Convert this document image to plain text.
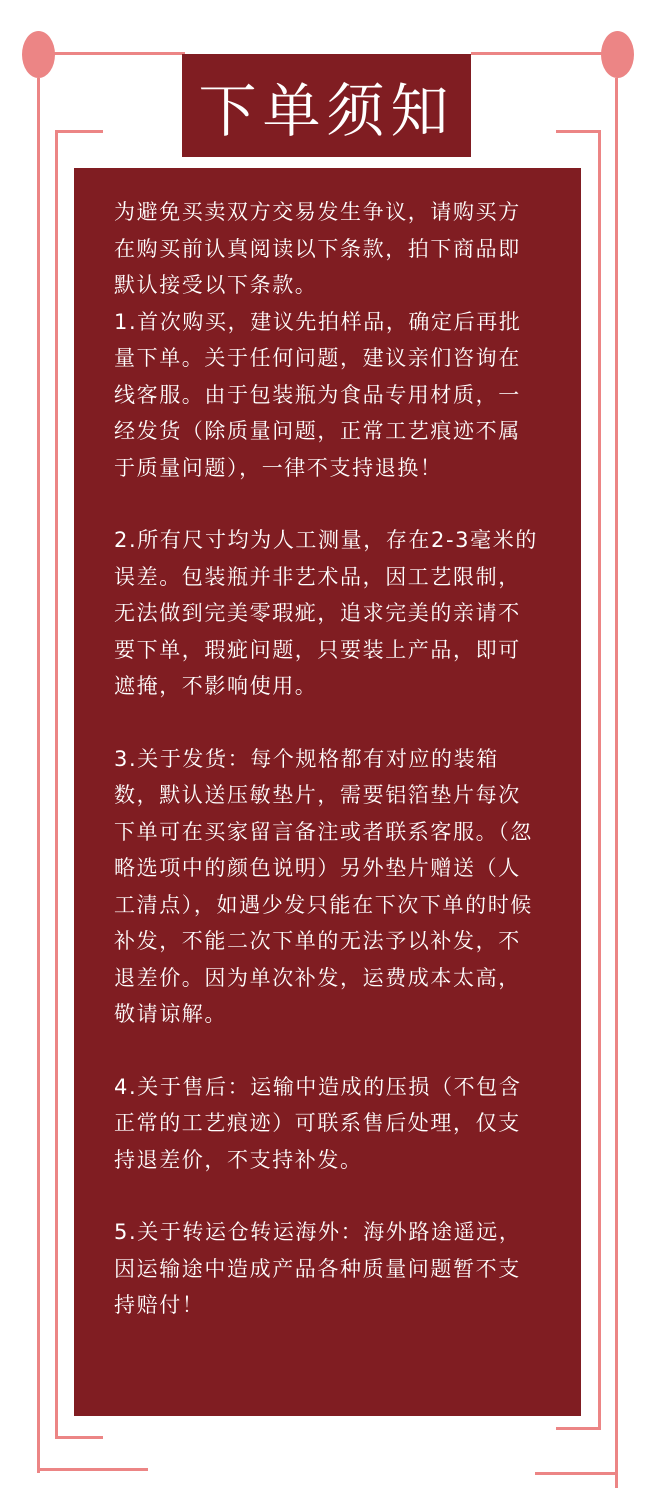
下单须知

为避免买卖双方交易发生争议，请购买方在购买前认真阅读以下条款，拍下商品即默认接受以下条款。

1.首次购买，建议先拍样品，确定后再批量下单。关于任何问题，建议亲们咨询在线客服。由于包装瓶为食品专用材质，一经发货（除质量问题，正常工艺痕迹不属于质量问题），一律不支持退换！

2.所有尺寸均为人工测量，存在2-3毫米的误差。包装瓶并非艺术品，因工艺限制，无法做到完美零瑕疵，追求完美的亲请不要下单，瑕疵问题，只要装上产品，即可遮掩，不影响使用。

3.关于发货：每个规格都有对应的装箱数，默认送压敏垫片，需要铝箔垫片每次下单可在买家留言备注或者联系客服。（忽略选项中的颜色说明）另外垫片赠送（人工清点），如遇少发只能在下次下单的时候补发，不能二次下单的无法予以补发，不退差价。因为单次补发，运费成本太高，敬请谅解。

4.关于售后：运输中造成的压损（不包含正常的工艺痕迹）可联系售后处理，仅支持退差价，不支持补发。

5.关于转运仓转运海外：海外路途遥远，因运输途中造成产品各种质量问题暂不支持赔付！
